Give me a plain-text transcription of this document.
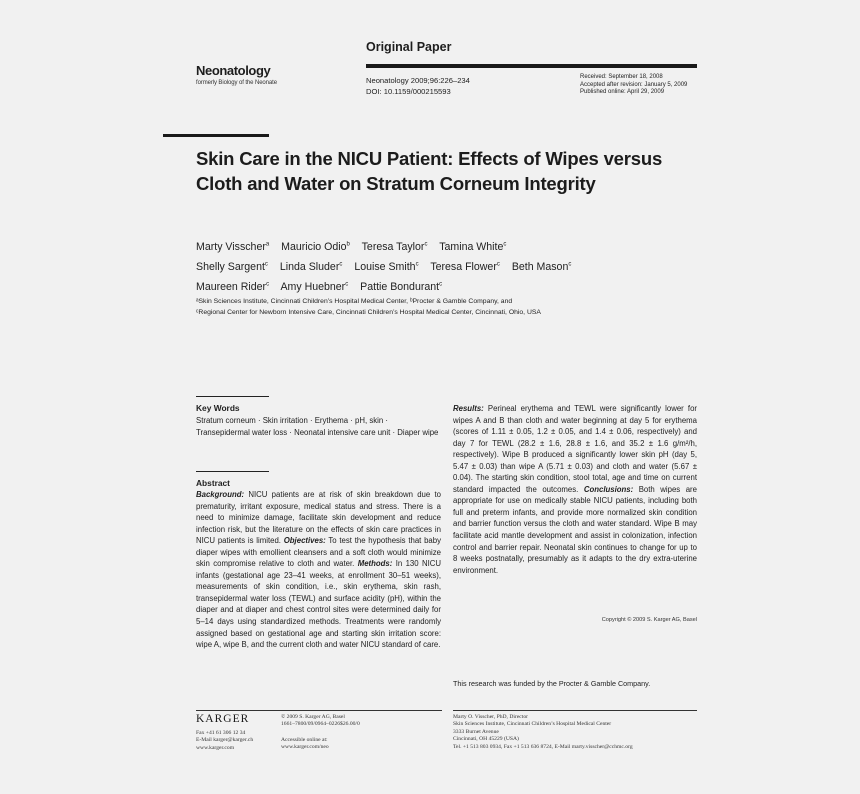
Original Paper
Neonatology
formerly Biology of the Neonate	Neonatology 2009;96:226–234
DOI: 10.1159/000215593
Received: September 18, 2008
Accepted after revision: January 5, 2009
Published online: April 29, 2009
Skin Care in the NICU Patient: Effects of Wipes versus Cloth and Water on Stratum Corneum Integrity
Marty Visscher$^a$ Mauricio Odio$^b$ Teresa Taylor$^c$ Tamina White$^c$
Shelly Sargent$^c$ Linda Sluder$^c$ Louise Smith$^c$ Teresa Flower$^c$ Beth Mason$^c$
Maureen Rider$^c$ Amy Huebner$^c$ Pattie Bondurant$^c$
ᵃSkin Sciences Institute, Cincinnati Children’s Hospital Medical Center, ᵇProcter & Gamble Company, and
ᶜRegional Center for Newborn Intensive Care, Cincinnati Children’s Hospital Medical Center, Cincinnati, Ohio, USA
Key Words
Stratum corneum · Skin irritation · Erythema · pH, skin · Transepidermal water loss · Neonatal intensive care unit · Diaper wipe
Abstract
Background: NICU patients are at risk of skin breakdown due to prematurity, irritant exposure, medical status and stress. There is a need to minimize damage, facilitate skin development and reduce infection risk, but the literature on the effects of skin care practices in NICU patients is limited. Objectives: To test the hypothesis that baby diaper wipes with emollient cleansers and a soft cloth would minimize skin compromise relative to cloth and water. Methods: In 130 NICU infants (gestational age 23–41 weeks, at enrollment 30–51 weeks), measurements of skin condition, i.e., skin erythema, skin rash, transepidermal water loss (TEWL) and surface acidity (pH), within the diaper and at diaper and chest control sites were determined daily for 5–14 days using standardized methods. Treatments were randomly assigned based on gestational age and starting skin irritation score: wipe A, wipe B, and the current cloth and water NICU standard of care.
Results: Perineal erythema and TEWL were significantly lower for wipes A and B than cloth and water beginning at day 5 for erythema (scores of 1.11 ± 0.05, 1.2 ± 0.05, and 1.4 ± 0.06, respectively) and day 7 for TEWL (28.2 ± 1.6, 28.8 ± 1.6, and 35.2 ± 1.6 g/m²/h, respectively). Wipe B produced a significantly lower skin pH (day 5, 5.47 ± 0.03) than wipe A (5.71 ± 0.03) and cloth and water (5.67 ± 0.04). The starting skin condition, stool total, age and time on current standard impacted the outcomes. Conclusions: Both wipes are appropriate for use on medically stable NICU patients, including both full and preterm infants, and provide more normalized skin condition and barrier function versus the cloth and water standard. Wipe B may facilitate acid mantle development and assist in colonization, infection control and barrier repair. Neonatal skin continues to change for up to 8 weeks postnatally, presumably as it adapts to the dry extra-uterine environment.
Copyright © 2009 S. Karger AG, Basel
This research was funded by the Procter & Gamble Company.
KARGER
Fax +41 61 306 12 34
E-Mail karger@karger.ch
www.karger.com
© 2009 S. Karger AG, Basel
1661–7800/09/0964–0226$26.00/0
Accessible online at:
www.karger.com/neo
Marty O. Visscher, PhD, Director
Skin Sciences Institute, Cincinnati Children’s Hospital Medical Center
3333 Burnet Avenue
Cincinnati, OH 45229 (USA)
Tel. +1 513 803 0934, Fax +1 513 636 8724, E-Mail marty.visscher@cchmc.org
